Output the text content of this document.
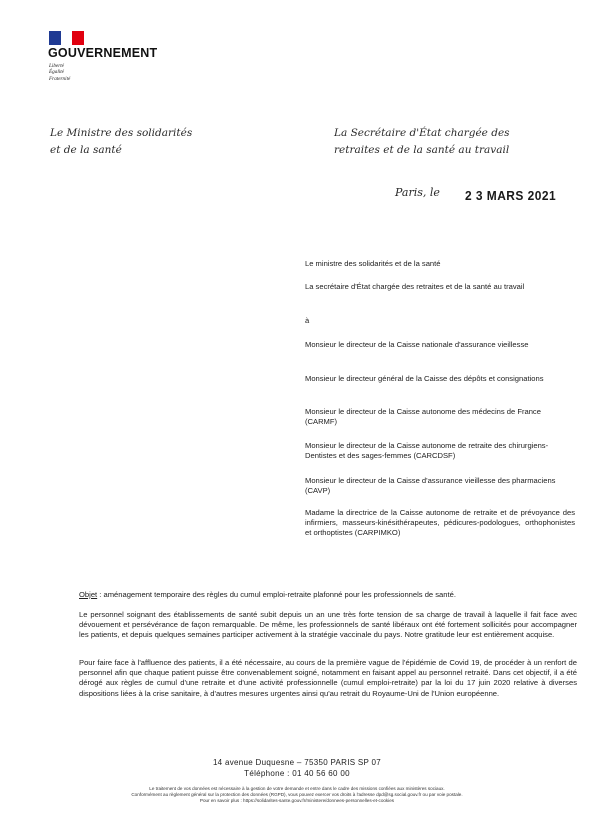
GOUVERNEMENT
Liberté
Égalité
Fraternité
Le Ministre des solidarités
et de la santé
La Secrétaire d'État chargée des
retraites et de la santé au travail
Paris, le 2 3 MARS 2021
Le ministre des solidarités et de la santé
La secrétaire d'État chargée des retraites et de la santé au travail
à
Monsieur le directeur de la Caisse nationale d'assurance vieillesse
Monsieur le directeur général de la Caisse des dépôts et consignations
Monsieur le directeur de la Caisse autonome des médecins de France (CARMF)
Monsieur le directeur de la Caisse autonome de retraite des chirurgiens-Dentistes et des sages-femmes (CARCDSF)
Monsieur le directeur de la Caisse d'assurance vieillesse des pharmaciens (CAVP)
Madame la directrice de la Caisse autonome de retraite et de prévoyance des infirmiers, masseurs-kinésithérapeutes, pédicures-podologues, orthophonistes et orthoptistes (CARPIMKO)
Objet : aménagement temporaire des règles du cumul emploi-retraite plafonné pour les professionnels de santé.
Le personnel soignant des établissements de santé subit depuis un an une très forte tension de sa charge de travail à laquelle il fait face avec dévouement et persévérance de façon remarquable. De même, les professionnels de santé libéraux ont été fortement sollicités pour accompagner les patients, et depuis quelques semaines participer activement à la stratégie vaccinale du pays. Notre gratitude leur est entièrement acquise.
Pour faire face à l'affluence des patients, il a été nécessaire, au cours de la première vague de l'épidémie de Covid 19, de procéder à un renfort de personnel afin que chaque patient puisse être convenablement soigné, notamment en faisant appel au personnel retraité. Dans cet objectif, il a été dérogé aux règles de cumul d'une retraite et d'une activité professionnelle (cumul emploi-retraite) par la loi du 17 juin 2020 relative à diverses dispositions liées à la crise sanitaire, à d'autres mesures urgentes ainsi qu'au retrait du Royaume-Uni de l'Union européenne.
14 avenue Duquesne – 75350 PARIS SP 07
Téléphone : 01 40 56 60 00
Le traitement de vos données est nécessaire à la gestion de votre demande et entre dans le cadre des missions confiées aux ministères sociaux.
Conformément au règlement général sur la protection des données (RGPD), vous pouvez exercer vos droits à l'adresse dpd@sg.social.gouv.fr ou par voie postale.
Pour en savoir plus : https://solidarites-sante.gouv.fr/ministere/donnees-personnelles-et-cookies
